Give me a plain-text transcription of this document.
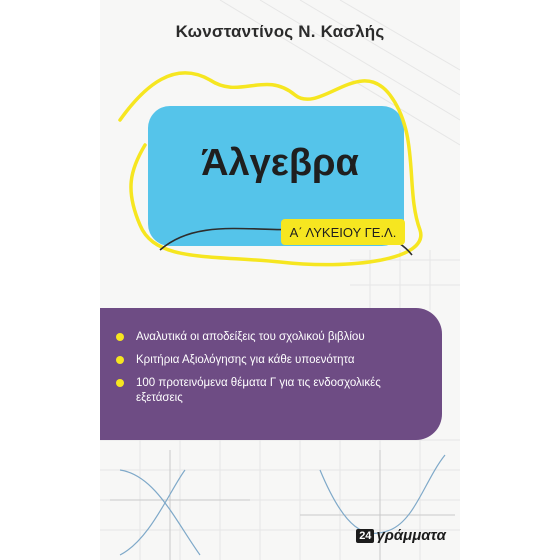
Κωνσταντίνος Ν. Κασλής
Άλγεβρα
Α΄ ΛΥΚΕΙΟΥ ΓΕ.Λ.
Αναλυτικά οι αποδείξεις του σχολικού βιβλίου
Κριτήρια Αξιολόγησης για κάθε υποενότητα
100 προτεινόμενα θέματα Γ για τις ενδοσχολικές εξετάσεις
24 γράμματα
